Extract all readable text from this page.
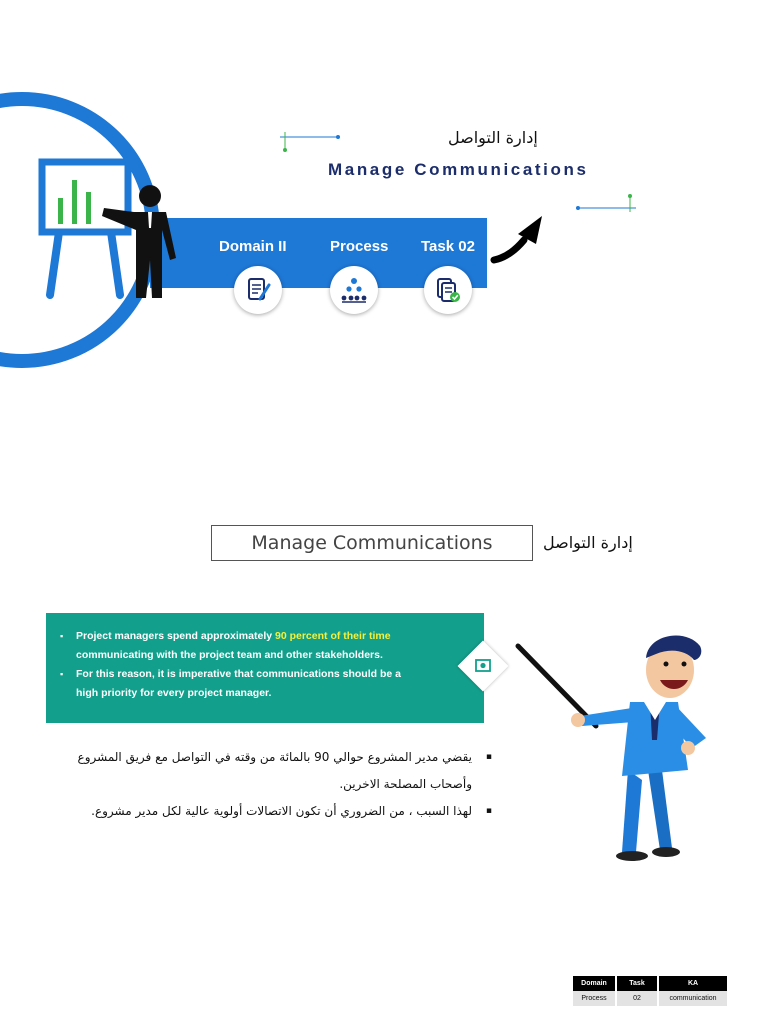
إدارة التواصل
Manage Communications
Domain II	Process Task 02
Manage Communications	إدارة التواصل
▪ Project managers spend approximately 90 percent of their time communicating with the project team and other stakeholders.
▪ For this reason, it is imperative that communications should be a high priority for every project manager.
▪ يقضي مدير المشروع حوالي 90 بالمائة من وقته في التواصل مع فريق المشروع وأصحاب المصلحة الاخرين.
▪ لهذا السبب ، من الضروري أن تكون الاتصالات أولوية عالية لكل مدير مشروع.
Domain	Task	KA
Process	02	communication
